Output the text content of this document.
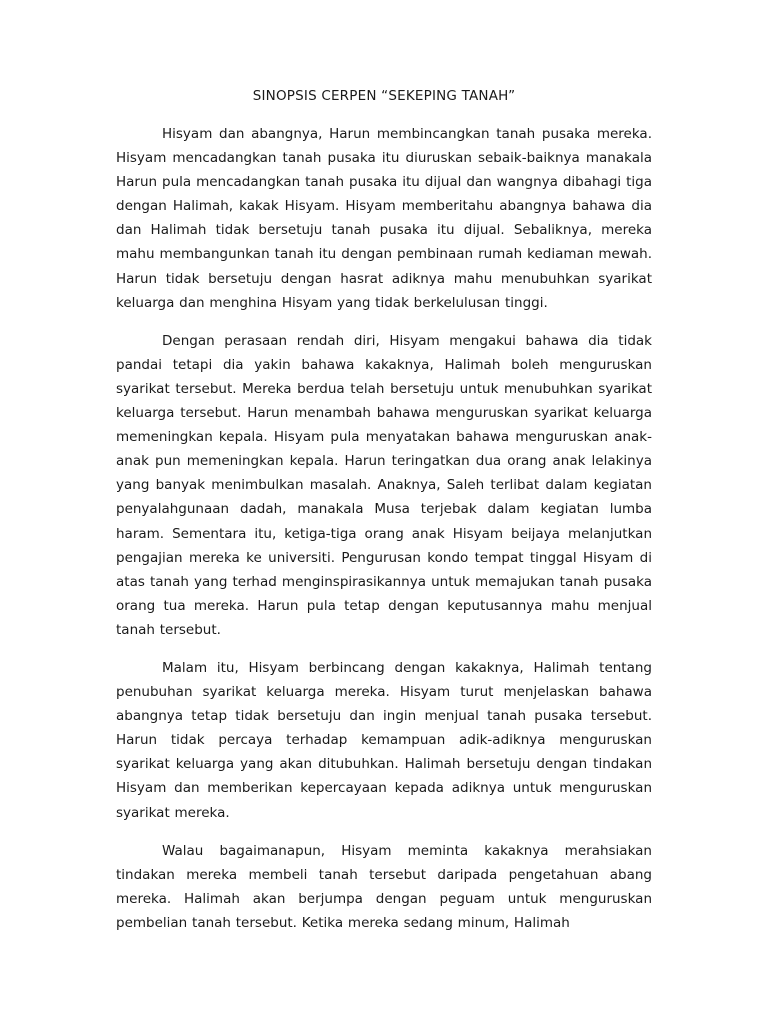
SINOPSIS CERPEN “SEKEPING TANAH”

Hisyam dan abangnya, Harun membincangkan tanah pusaka mereka. Hisyam mencadangkan tanah pusaka itu diuruskan sebaik-baiknya manakala Harun pula mencadangkan tanah pusaka itu dijual dan wangnya dibahagi tiga dengan Halimah, kakak Hisyam. Hisyam memberitahu abangnya bahawa dia dan Halimah tidak bersetuju tanah pusaka itu dijual. Sebaliknya, mereka mahu membangunkan tanah itu dengan pembinaan rumah kediaman mewah. Harun tidak bersetuju dengan hasrat adiknya mahu menubuhkan syarikat keluarga dan menghina Hisyam yang tidak berkelulusan tinggi.

Dengan perasaan rendah diri, Hisyam mengakui bahawa dia tidak pandai tetapi dia yakin bahawa kakaknya, Halimah boleh menguruskan syarikat tersebut. Mereka berdua telah bersetuju untuk menubuhkan syarikat keluarga tersebut. Harun menambah bahawa menguruskan syarikat keluarga memeningkan kepala. Hisyam pula menyatakan bahawa menguruskan anak-anak pun memeningkan kepala. Harun teringatkan dua orang anak lelakinya yang banyak menimbulkan masalah. Anaknya, Saleh terlibat dalam kegiatan penyalahgunaan dadah, manakala Musa terjebak dalam kegiatan lumba haram. Sementara itu, ketiga-tiga orang anak Hisyam beijaya melanjutkan pengajian mereka ke universiti. Pengurusan kondo tempat tinggal Hisyam di atas tanah yang terhad menginspirasikannya untuk memajukan tanah pusaka orang tua mereka. Harun pula tetap dengan keputusannya mahu menjual tanah tersebut.

Malam itu, Hisyam berbincang dengan kakaknya, Halimah tentang penubuhan syarikat keluarga mereka. Hisyam turut menjelaskan bahawa abangnya tetap tidak bersetuju dan ingin menjual tanah pusaka tersebut. Harun tidak percaya terhadap kemampuan adik-adiknya menguruskan syarikat keluarga yang akan ditubuhkan. Halimah bersetuju dengan tindakan Hisyam dan memberikan kepercayaan kepada adiknya untuk menguruskan syarikat mereka.

Walau bagaimanapun, Hisyam meminta kakaknya merahsiakan tindakan mereka membeli tanah tersebut daripada pengetahuan abang mereka. Halimah akan berjumpa dengan peguam untuk menguruskan pembelian tanah tersebut. Ketika mereka sedang minum, Halimah
